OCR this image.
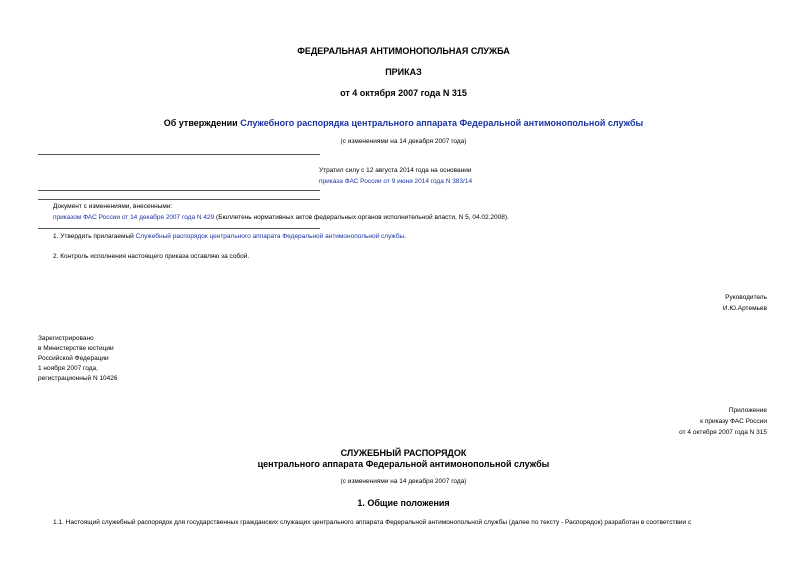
ФЕДЕРАЛЬНАЯ АНТИМОНОПОЛЬНАЯ СЛУЖБА
ПРИКАЗ
от 4 октября 2007 года N 315
Об утверждении Служебного распорядка центрального аппарата Федеральной антимонопольной службы
(с изменениями на 14 декабря 2007 года)
Утратил силу с 12 августа 2014 года на основании
приказа ФАС России от 9 июня 2014 года N 383/14
Документ с изменениями, внесенными:
приказом ФАС России от 14 декабря 2007 года N 429 (Бюллетень нормативных актов федеральных органов исполнительной власти, N 5, 04.02.2008).
1. Утвердить прилагаемый Служебный распорядок центрального аппарата Федеральной антимонопольной службы.
2. Контроль исполнения настоящего приказа оставляю за собой.
Руководитель
И.Ю.Артемьев
Зарегистрировано
в Министерстве юстиции
Российской Федерации
1 ноября 2007 года,
регистрационный N 10426
Приложение
к приказу ФАС России
от 4 октября 2007 года N 315
СЛУЖЕБНЫЙ РАСПОРЯДОК
центрального аппарата Федеральной антимонопольной службы
(с изменениями на 14 декабря 2007 года)
1. Общие положения
1.1. Настоящий служебный распорядок для государственных гражданских служащих центрального аппарата Федеральной антимонопольной службы (далее по тексту - Распорядок) разработан в соответствии с
